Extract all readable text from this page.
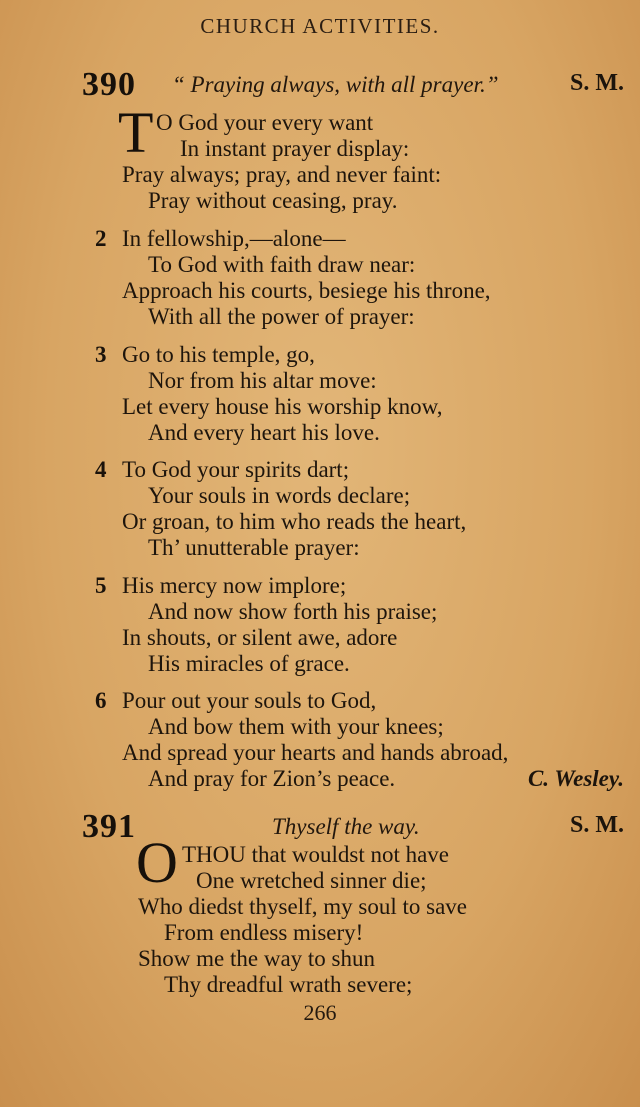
CHURCH ACTIVITIES.
390 “ Praying always, with all prayer.”	S. M.
T O God your every want
In instant prayer display:
Pray always; pray, and never faint:
Pray without ceasing, pray.
2 In fellowship,—alone—
To God with faith draw near:
Approach his courts, besiege his throne,
With all the power of prayer:
3 Go to his temple, go,
Nor from his altar move:
Let every house his worship know,
And every heart his love.
4 To God your spirits dart;
Your souls in words declare;
Or groan, to him who reads the heart,
Th’ unutterable prayer:
5 His mercy now implore;
And now show forth his praise;
In shouts, or silent awe, adore
His miracles of grace.
6 Pour out your souls to God,
And bow them with your knees;
And spread your hearts and hands abroad,
And pray for Zion’s peace.	C. Wesley.
391	Thyself the way.	S. M.
O THOU that wouldst not have
One wretched sinner die;
Who diedst thyself, my soul to save
From endless misery!
Show me the way to shun
Thy dreadful wrath severe;
266
